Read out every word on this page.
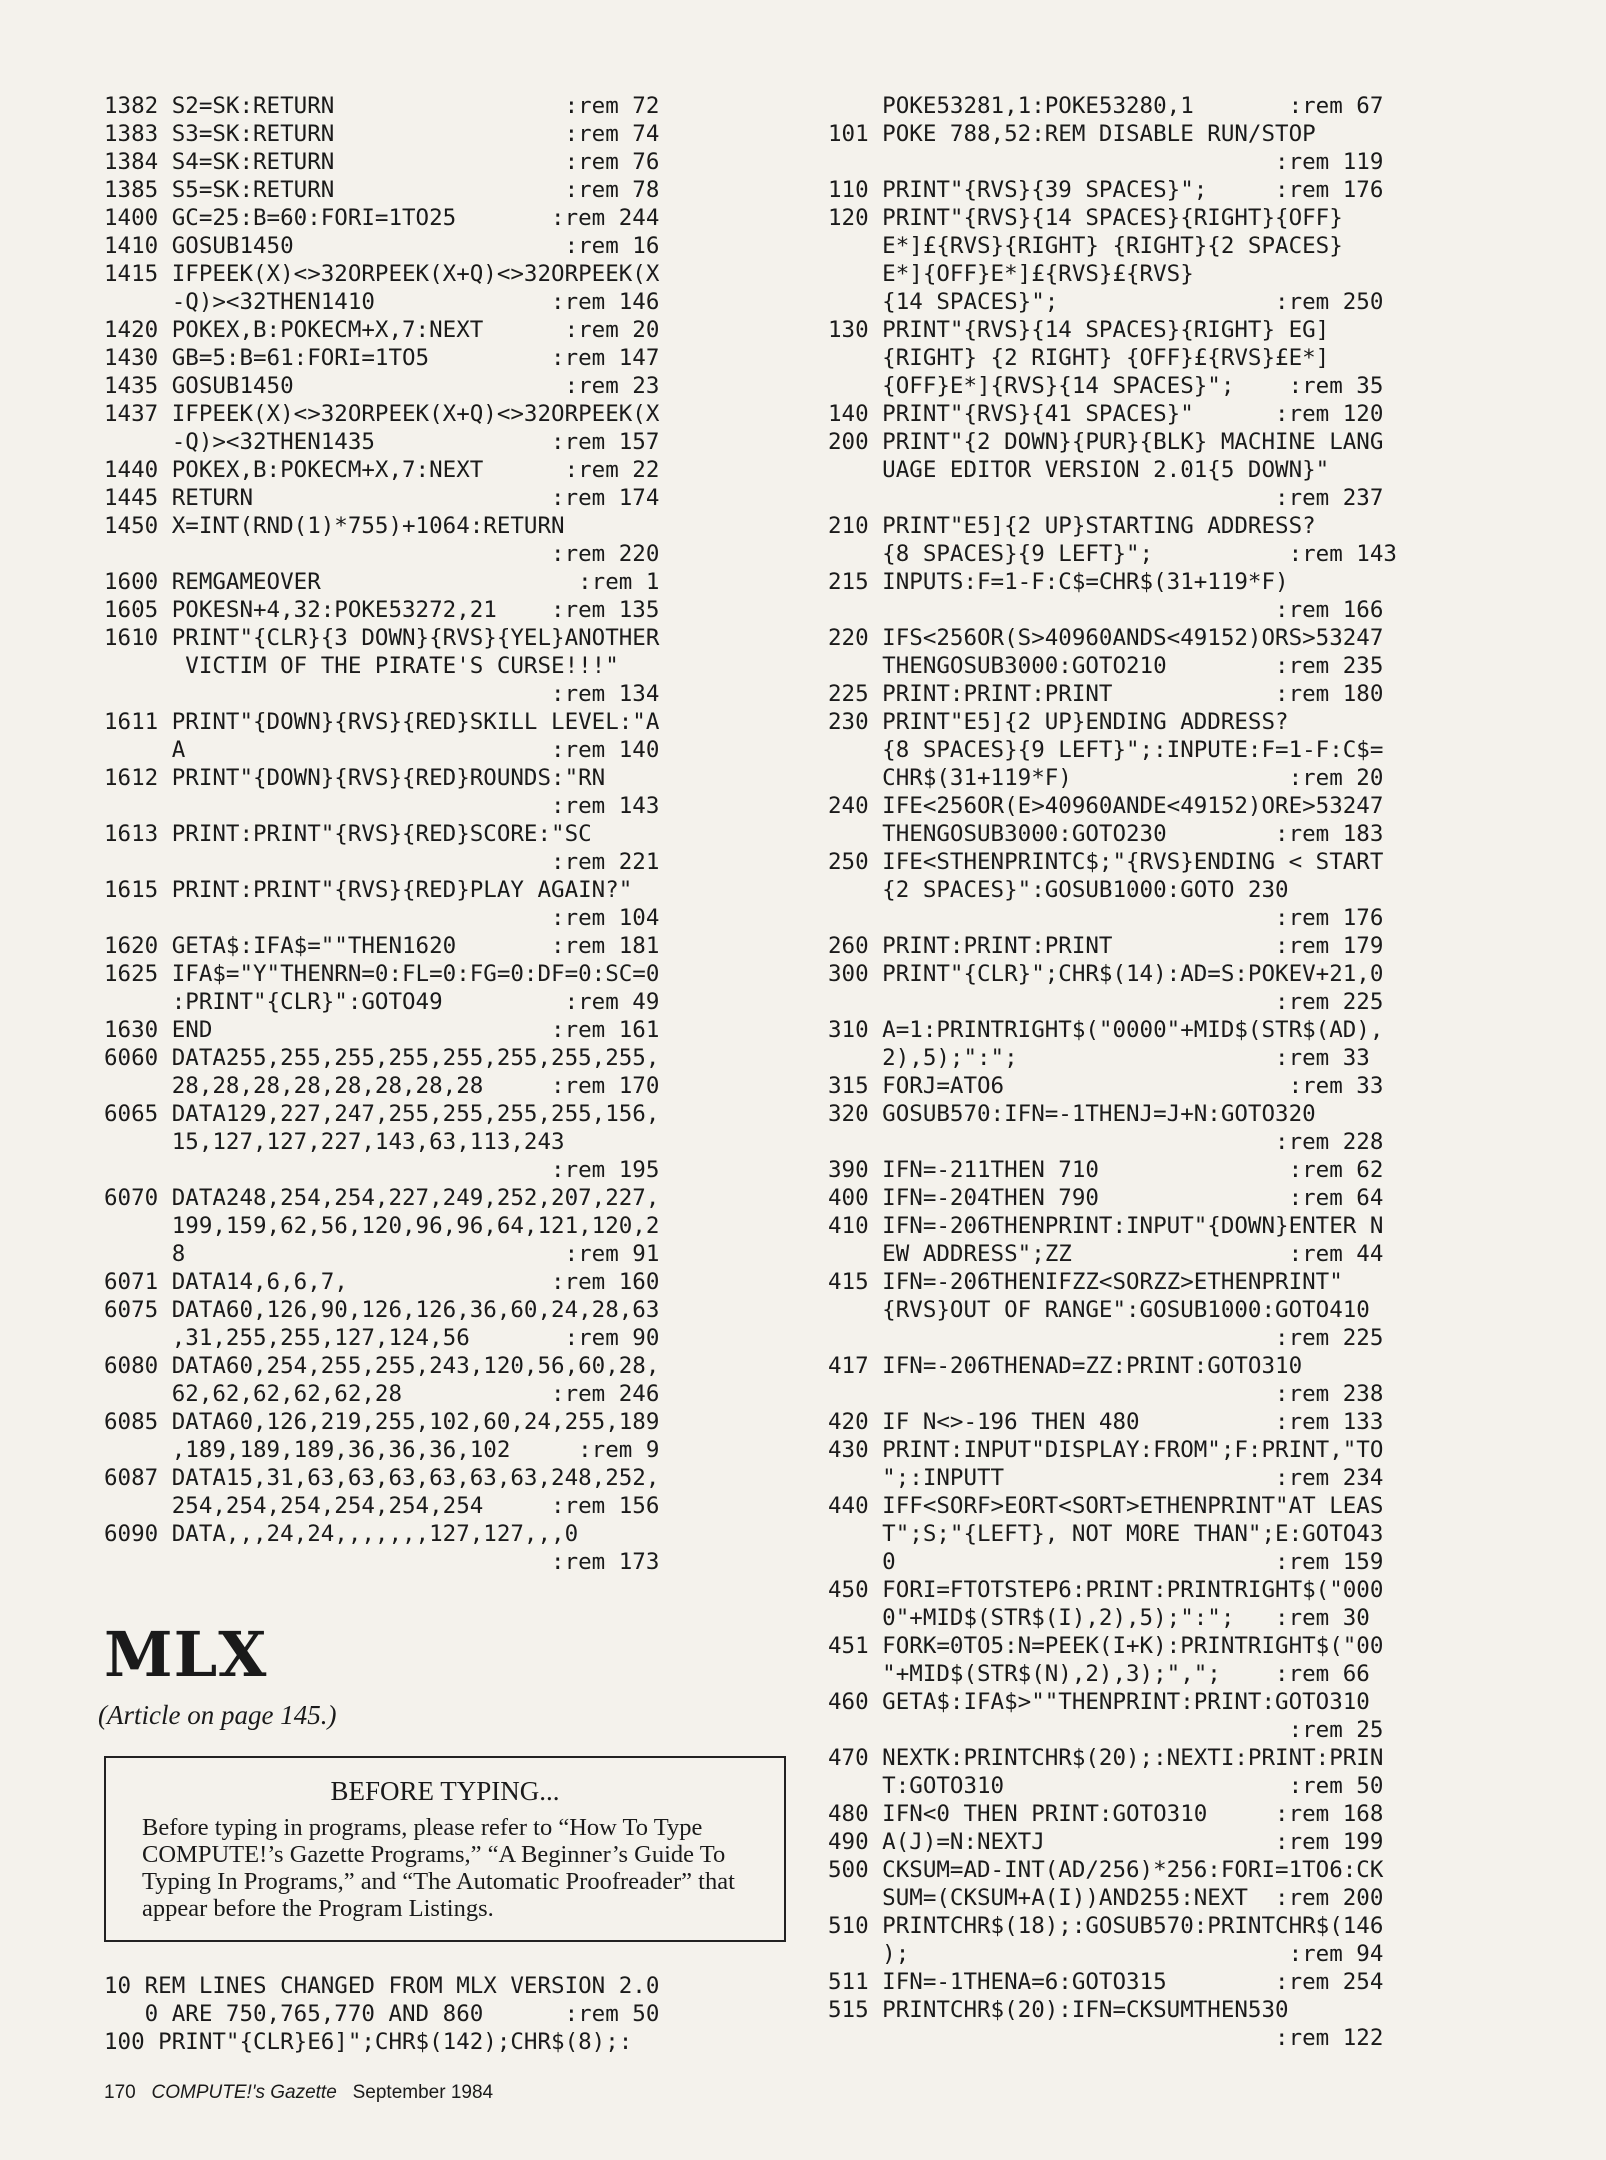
1382 S2=SK:RETURN                 :rem 72
1383 S3=SK:RETURN                 :rem 74
1384 S4=SK:RETURN                 :rem 76
1385 S5=SK:RETURN                 :rem 78
1400 GC=25:B=60:FORI=1TO25       :rem 244
1410 GOSUB1450                    :rem 16
1415 IFPEEK(X)<>32ORPEEK(X+Q)<>32ORPEEK(X
-Q)><32THEN1410             :rem 146
1420 POKEX,B:POKECM+X,7:NEXT      :rem 20
1430 GB=5:B=61:FORI=1TO5         :rem 147
1435 GOSUB1450                    :rem 23
1437 IFPEEK(X)<>32ORPEEK(X+Q)<>32ORPEEK(X
-Q)><32THEN1435             :rem 157
1440 POKEX,B:POKECM+X,7:NEXT      :rem 22
1445 RETURN                      :rem 174
1450 X=INT(RND(1)*755)+1064:RETURN
:rem 220
1600 REMGAMEOVER                   :rem 1
1605 POKESN+4,32:POKE53272,21    :rem 135
1610 PRINT"{CLR}{3 DOWN}{RVS}{YEL}ANOTHER
VICTIM OF THE PIRATE'S CURSE!!!"
:rem 134
1611 PRINT"{DOWN}{RVS}{RED}SKILL LEVEL:"A
A                           :rem 140
1612 PRINT"{DOWN}{RVS}{RED}ROUNDS:"RN
:rem 143
1613 PRINT:PRINT"{RVS}{RED}SCORE:"SC
:rem 221
1615 PRINT:PRINT"{RVS}{RED}PLAY AGAIN?"
:rem 104
1620 GETA$:IFA$=""THEN1620       :rem 181
1625 IFA$="Y"THENRN=0:FL=0:FG=0:DF=0:SC=0
:PRINT"{CLR}":GOTO49         :rem 49
1630 END                         :rem 161
6060 DATA255,255,255,255,255,255,255,255,
28,28,28,28,28,28,28,28     :rem 170
6065 DATA129,227,247,255,255,255,255,156,
15,127,127,227,143,63,113,243
:rem 195
6070 DATA248,254,254,227,249,252,207,227,
199,159,62,56,120,96,96,64,121,120,2
8                            :rem 91
6071 DATA14,6,6,7,               :rem 160
6075 DATA60,126,90,126,126,36,60,24,28,63
,31,255,255,127,124,56       :rem 90
6080 DATA60,254,255,255,243,120,56,60,28,
62,62,62,62,62,28           :rem 246
6085 DATA60,126,219,255,102,60,24,255,189
,189,189,189,36,36,36,102     :rem 9
6087 DATA15,31,63,63,63,63,63,63,248,252,
254,254,254,254,254,254     :rem 156
6090 DATA,,,24,24,,,,,,,127,127,,,0
:rem 173
MLX
(Article on page 145.)
BEFORE TYPING...

Before typing in programs, please refer to “How To Type COMPUTE!’s Gazette Programs,” “A Beginner’s Guide To Typing In Programs,” and “The Automatic Proofreader” that appear before the Program Listings.

10 REM LINES CHANGED FROM MLX VERSION 2.0
0 ARE 750,765,770 AND 860      :rem 50
100 PRINT"{CLR}E6]";CHR$(142);CHR$(8);:
POKE53281,1:POKE53280,1       :rem 67
101 POKE 788,52:REM DISABLE RUN/STOP
:rem 119
110 PRINT"{RVS}{39 SPACES}";     :rem 176
120 PRINT"{RVS}{14 SPACES}{RIGHT}{OFF}
E*]£{RVS}{RIGHT} {RIGHT}{2 SPACES}
E*]{OFF}E*]£{RVS}£{RVS}
{14 SPACES}";                :rem 250
130 PRINT"{RVS}{14 SPACES}{RIGHT} EG]
{RIGHT} {2 RIGHT} {OFF}£{RVS}£E*]
{OFF}E*]{RVS}{14 SPACES}";    :rem 35
140 PRINT"{RVS}{41 SPACES}"      :rem 120
200 PRINT"{2 DOWN}{PUR}{BLK} MACHINE LANG
UAGE EDITOR VERSION 2.01{5 DOWN}"
:rem 237
210 PRINT"E5]{2 UP}STARTING ADDRESS?
{8 SPACES}{9 LEFT}";          :rem 143
215 INPUTS:F=1-F:C$=CHR$(31+119*F)
:rem 166
220 IFS<256OR(S>40960ANDS<49152)ORS>53247
THENGOSUB3000:GOTO210        :rem 235
225 PRINT:PRINT:PRINT            :rem 180
230 PRINT"E5]{2 UP}ENDING ADDRESS?
{8 SPACES}{9 LEFT}";:INPUTE:F=1-F:C$=
CHR$(31+119*F)                :rem 20
240 IFE<256OR(E>40960ANDE<49152)ORE>53247
THENGOSUB3000:GOTO230        :rem 183
250 IFE<STHENPRINTC$;"{RVS}ENDING < START
{2 SPACES}":GOSUB1000:GOTO 230
:rem 176
260 PRINT:PRINT:PRINT            :rem 179
300 PRINT"{CLR}";CHR$(14):AD=S:POKEV+21,0
:rem 225
310 A=1:PRINTRIGHT$("0000"+MID$(STR$(AD),
2),5);":";                   :rem 33
315 FORJ=ATO6                     :rem 33
320 GOSUB570:IFN=-1THENJ=J+N:GOTO320
:rem 228
390 IFN=-211THEN 710              :rem 62
400 IFN=-204THEN 790              :rem 64
410 IFN=-206THENPRINT:INPUT"{DOWN}ENTER N
EW ADDRESS";ZZ                :rem 44
415 IFN=-206THENIFZZ<SORZZ>ETHENPRINT"
{RVS}OUT OF RANGE":GOSUB1000:GOTO410
:rem 225
417 IFN=-206THENAD=ZZ:PRINT:GOTO310
:rem 238
420 IF N<>-196 THEN 480          :rem 133
430 PRINT:INPUT"DISPLAY:FROM";F:PRINT,"TO
";:INPUTT                    :rem 234
440 IFF<SORF>EORT<SORT>ETHENPRINT"AT LEAS
T";S;"{LEFT}, NOT MORE THAN";E:GOTO43
0                            :rem 159
450 FORI=FTOTSTEP6:PRINT:PRINTRIGHT$("000
0"+MID$(STR$(I),2),5);":";   :rem 30
451 FORK=0TO5:N=PEEK(I+K):PRINTRIGHT$("00
"+MID$(STR$(N),2),3);",";    :rem 66
460 GETA$:IFA$>""THENPRINT:PRINT:GOTO310
:rem 25
470 NEXTK:PRINTCHR$(20);:NEXTI:PRINT:PRIN
T:GOTO310                     :rem 50
480 IFN<0 THEN PRINT:GOTO310     :rem 168
490 A(J)=N:NEXTJ                 :rem 199
500 CKSUM=AD-INT(AD/256)*256:FORI=1TO6:CK
SUM=(CKSUM+A(I))AND255:NEXT  :rem 200
510 PRINTCHR$(18);:GOSUB570:PRINTCHR$(146
);                            :rem 94
511 IFN=-1THENA=6:GOTO315        :rem 254
515 PRINTCHR$(20):IFN=CKSUMTHEN530
:rem 122
170 COMPUTE!'s Gazette September 1984
